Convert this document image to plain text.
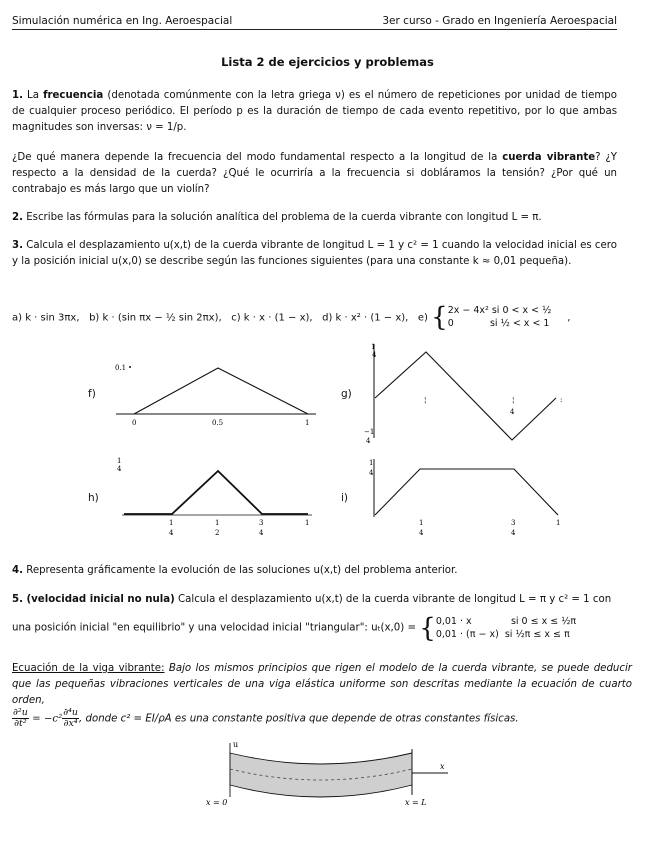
Simulación numérica en Ing. Aeroespacial	3er curso - Grado en Ingeniería Aeroespacial
Lista 2 de ejercicios y problemas
1. La frecuencia (denotada comúnmente con la letra griega ν) es el número de repeticiones por unidad de tiempo de cualquier proceso periódico. El período p es la duración de tiempo de cada evento repetitivo, por lo que ambas magnitudes son inversas: ν = 1/p.
¿De qué manera depende la frecuencia del modo fundamental respecto a la longitud de la cuerda vibrante? ¿Y respecto a la densidad de la cuerda? ¿Qué le ocurriría a la frecuencia si dobláramos la tensión? ¿Por qué un contrabajo es más largo que un violín?
2. Escribe las fórmulas para la solución analítica del problema de la cuerda vibrante con longitud L = π.
3. Calcula el desplazamiento u(x,t) de la cuerda vibrante de longitud L = 1 y c² = 1 cuando la velocidad inicial es cero y la posición inicial u(x,0) se describe según las funciones siguientes (para una constante k ≈ 0,01 pequeña).
a) k · sin 3πx, b) k · (sin πx − ½ sin 2πx), c) k · x · (1 − x), d) k · x² · (1 − x), e) {2x − 4x² si 0 < x < ½
0	si ½ < x < 1     ,
f)	g)
h)	i)
0.1
0	0.5	1
1
4
−1
4
¦	¦
4
:
1
4
1
4
1
2
3
4
1
1
4
1
4
3
4
1
4. Representa gráficamente la evolución de las soluciones u(x,t) del problema anterior.
5. (velocidad inicial no nula) Calcula el desplazamiento u(x,t) de la cuerda vibrante de longitud L = π y c² = 1 con
una posición inicial "en equilibrio" y una velocidad inicial "triangular": uₜ(x,0) = {0,01 · x	si 0 ≤ x ≤ ½π
0,01 · (π − x) si ½π ≤ x ≤ π
Ecuación de la viga vibrante: Bajo los mismos principios que rigen el modelo de la cuerda vibrante, se puede deducir que las pequeñas vibraciones verticales de una viga elástica uniforme son descritas mediante la ecuación de cuarto orden,

$\frac{\text{∂²u}}{\text{∂t²}} = -c^2 \frac{\text{∂⁴u}}{\text{∂x⁴}}$ , donde c² = EI/ρA es una constante positiva que depende de otras constantes físicas.
u
x
x = 0	x = L
